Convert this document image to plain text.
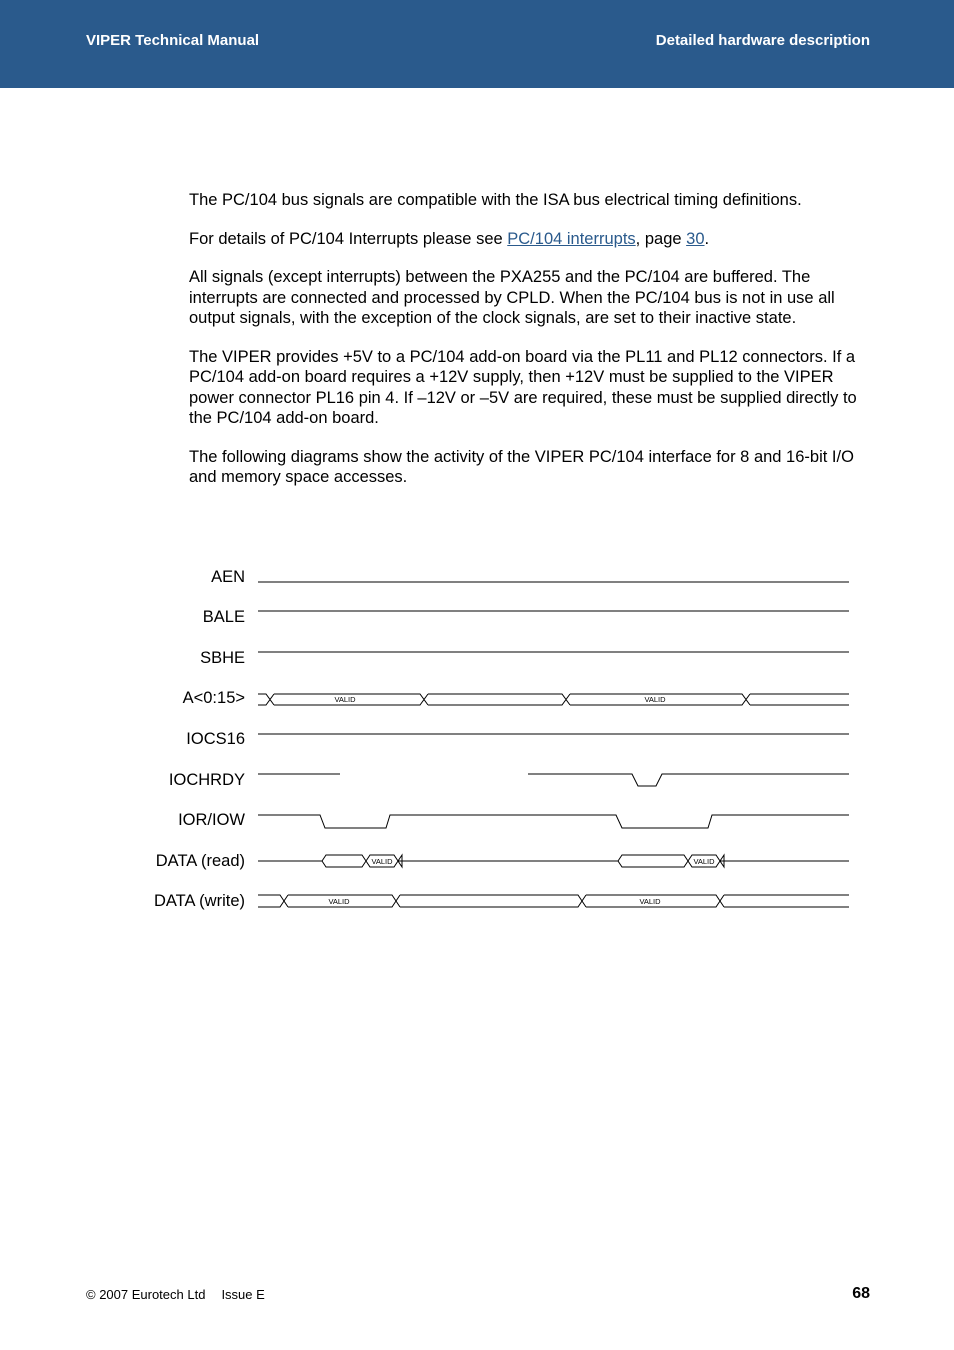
VIPER Technical Manual	Detailed hardware description

The PC/104 bus signals are compatible with the ISA bus electrical timing definitions.

For details of PC/104 Interrupts please see PC/104 interrupts, page 30.

All signals (except interrupts) between the PXA255 and the PC/104 are buffered. The interrupts are connected and processed by CPLD. When the PC/104 bus is not in use all output signals, with the exception of the clock signals, are set to their inactive state.

The VIPER provides +5V to a PC/104 add-on board via the PL11 and PL12 connectors. If a PC/104 add-on board requires a +12V supply, then +12V must be supplied to the VIPER power connector PL16 pin 4. If –12V or –5V are required, these must be supplied directly to the PC/104 add-on board.

The following diagrams show the activity of the VIPER PC/104 interface for 8 and 16-bit I/O and memory space accesses.

AEN
BALE
SBHE
A<0:15>
IOCS16
IOCHRDY
IOR/IOW
DATA (read)
DATA (write)
VALID	VALID
VALID	VALID
VALID	VALID
© 2007 Eurotech Ltd Issue E	68
